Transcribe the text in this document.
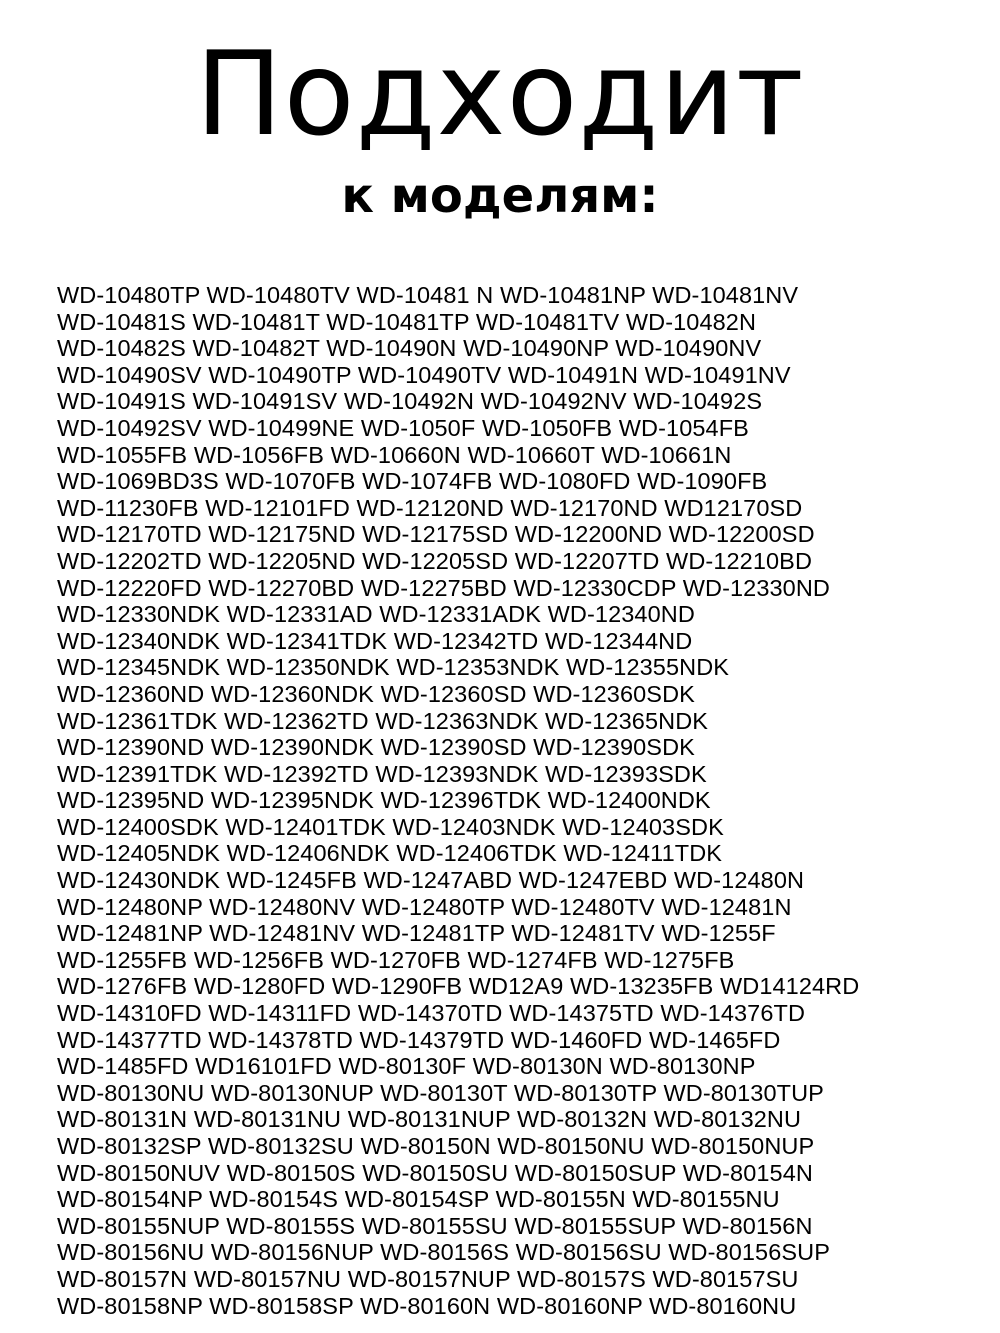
Подходит
к моделям:
WD-10480TP WD-10480TV WD-10481 N WD-10481NP WD-10481NV
WD-10481S WD-10481T WD-10481TP WD-10481TV WD-10482N
WD-10482S WD-10482T WD-10490N WD-10490NP WD-10490NV
WD-10490SV WD-10490TP WD-10490TV WD-10491N WD-10491NV
WD-10491S WD-10491SV WD-10492N WD-10492NV WD-10492S
WD-10492SV WD-10499NE WD-1050F WD-1050FB WD-1054FB
WD-1055FB WD-1056FB WD-10660N WD-10660T WD-10661N
WD-1069BD3S WD-1070FB WD-1074FB WD-1080FD WD-1090FB
WD-11230FB WD-12101FD WD-12120ND WD-12170ND WD12170SD
WD-12170TD WD-12175ND WD-12175SD WD-12200ND WD-12200SD
WD-12202TD WD-12205ND WD-12205SD WD-12207TD WD-12210BD
WD-12220FD WD-12270BD WD-12275BD WD-12330CDP WD-12330ND
WD-12330NDK WD-12331AD WD-12331ADK WD-12340ND
WD-12340NDK WD-12341TDK WD-12342TD WD-12344ND
WD-12345NDK WD-12350NDK WD-12353NDK WD-12355NDK
WD-12360ND WD-12360NDK WD-12360SD WD-12360SDK
WD-12361TDK WD-12362TD WD-12363NDK WD-12365NDK
WD-12390ND WD-12390NDK WD-12390SD WD-12390SDK
WD-12391TDK WD-12392TD WD-12393NDK WD-12393SDK
WD-12395ND WD-12395NDK WD-12396TDK WD-12400NDK
WD-12400SDK WD-12401TDK WD-12403NDK WD-12403SDK
WD-12405NDK WD-12406NDK WD-12406TDK WD-12411TDK
WD-12430NDK WD-1245FB WD-1247ABD WD-1247EBD WD-12480N
WD-12480NP WD-12480NV WD-12480TP WD-12480TV WD-12481N
WD-12481NP WD-12481NV WD-12481TP WD-12481TV WD-1255F
WD-1255FB WD-1256FB WD-1270FB WD-1274FB WD-1275FB
WD-1276FB WD-1280FD WD-1290FB WD12A9 WD-13235FB WD14124RD
WD-14310FD WD-14311FD WD-14370TD WD-14375TD WD-14376TD
WD-14377TD WD-14378TD WD-14379TD WD-1460FD WD-1465FD
WD-1485FD WD16101FD WD-80130F WD-80130N WD-80130NP
WD-80130NU WD-80130NUP WD-80130T WD-80130TP WD-80130TUP
WD-80131N WD-80131NU WD-80131NUP WD-80132N WD-80132NU
WD-80132SP WD-80132SU WD-80150N WD-80150NU WD-80150NUP
WD-80150NUV WD-80150S WD-80150SU WD-80150SUP WD-80154N
WD-80154NP WD-80154S WD-80154SP WD-80155N WD-80155NU
WD-80155NUP WD-80155S WD-80155SU WD-80155SUP WD-80156N
WD-80156NU WD-80156NUP WD-80156S WD-80156SU WD-80156SUP
WD-80157N WD-80157NU WD-80157NUP WD-80157S WD-80157SU
WD-80158NP WD-80158SP WD-80160N WD-80160NP WD-80160NU
